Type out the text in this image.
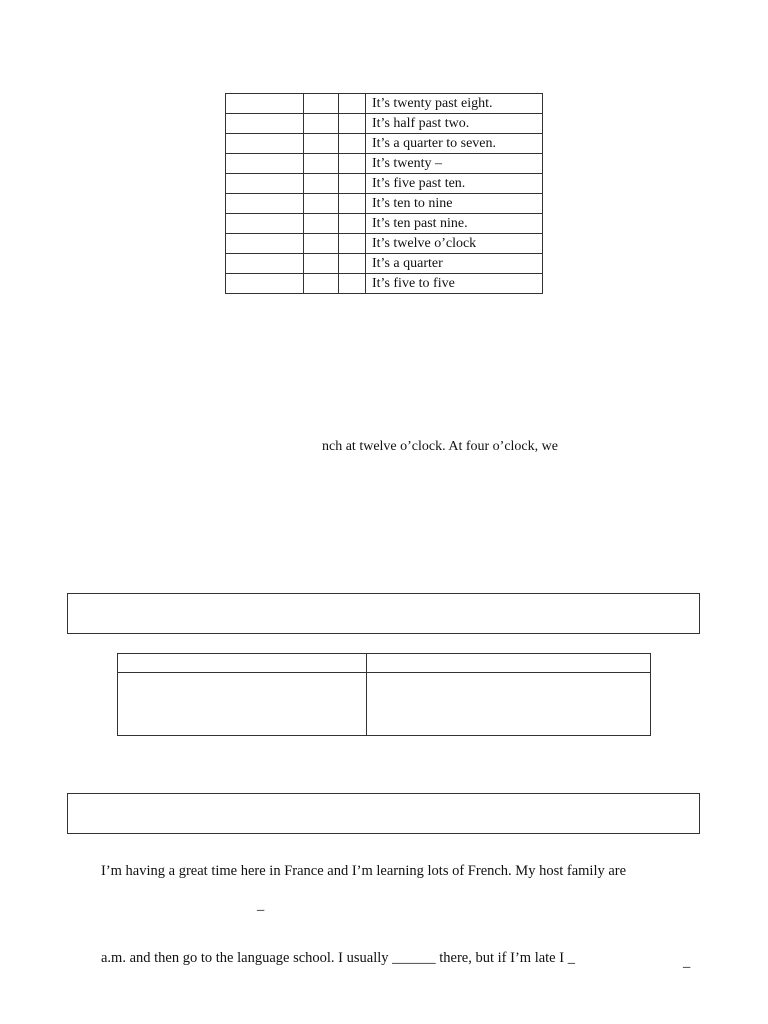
			It’s twenty past eight.
			It’s half past two.
			It’s a quarter to seven.
			It’s twenty –
			It’s five past ten.
			It’s ten to nine
			It’s ten past nine.
			It’s twelve o’clock
			It’s a quarter
			It’s five to five
nch at twelve o’clock. At four o’clock, we

I’m having a great time here in France and I’m learning lots of French. My host family are
_
a.m. and then go to the language school. I usually ______ there, but if I’m late I _	_
